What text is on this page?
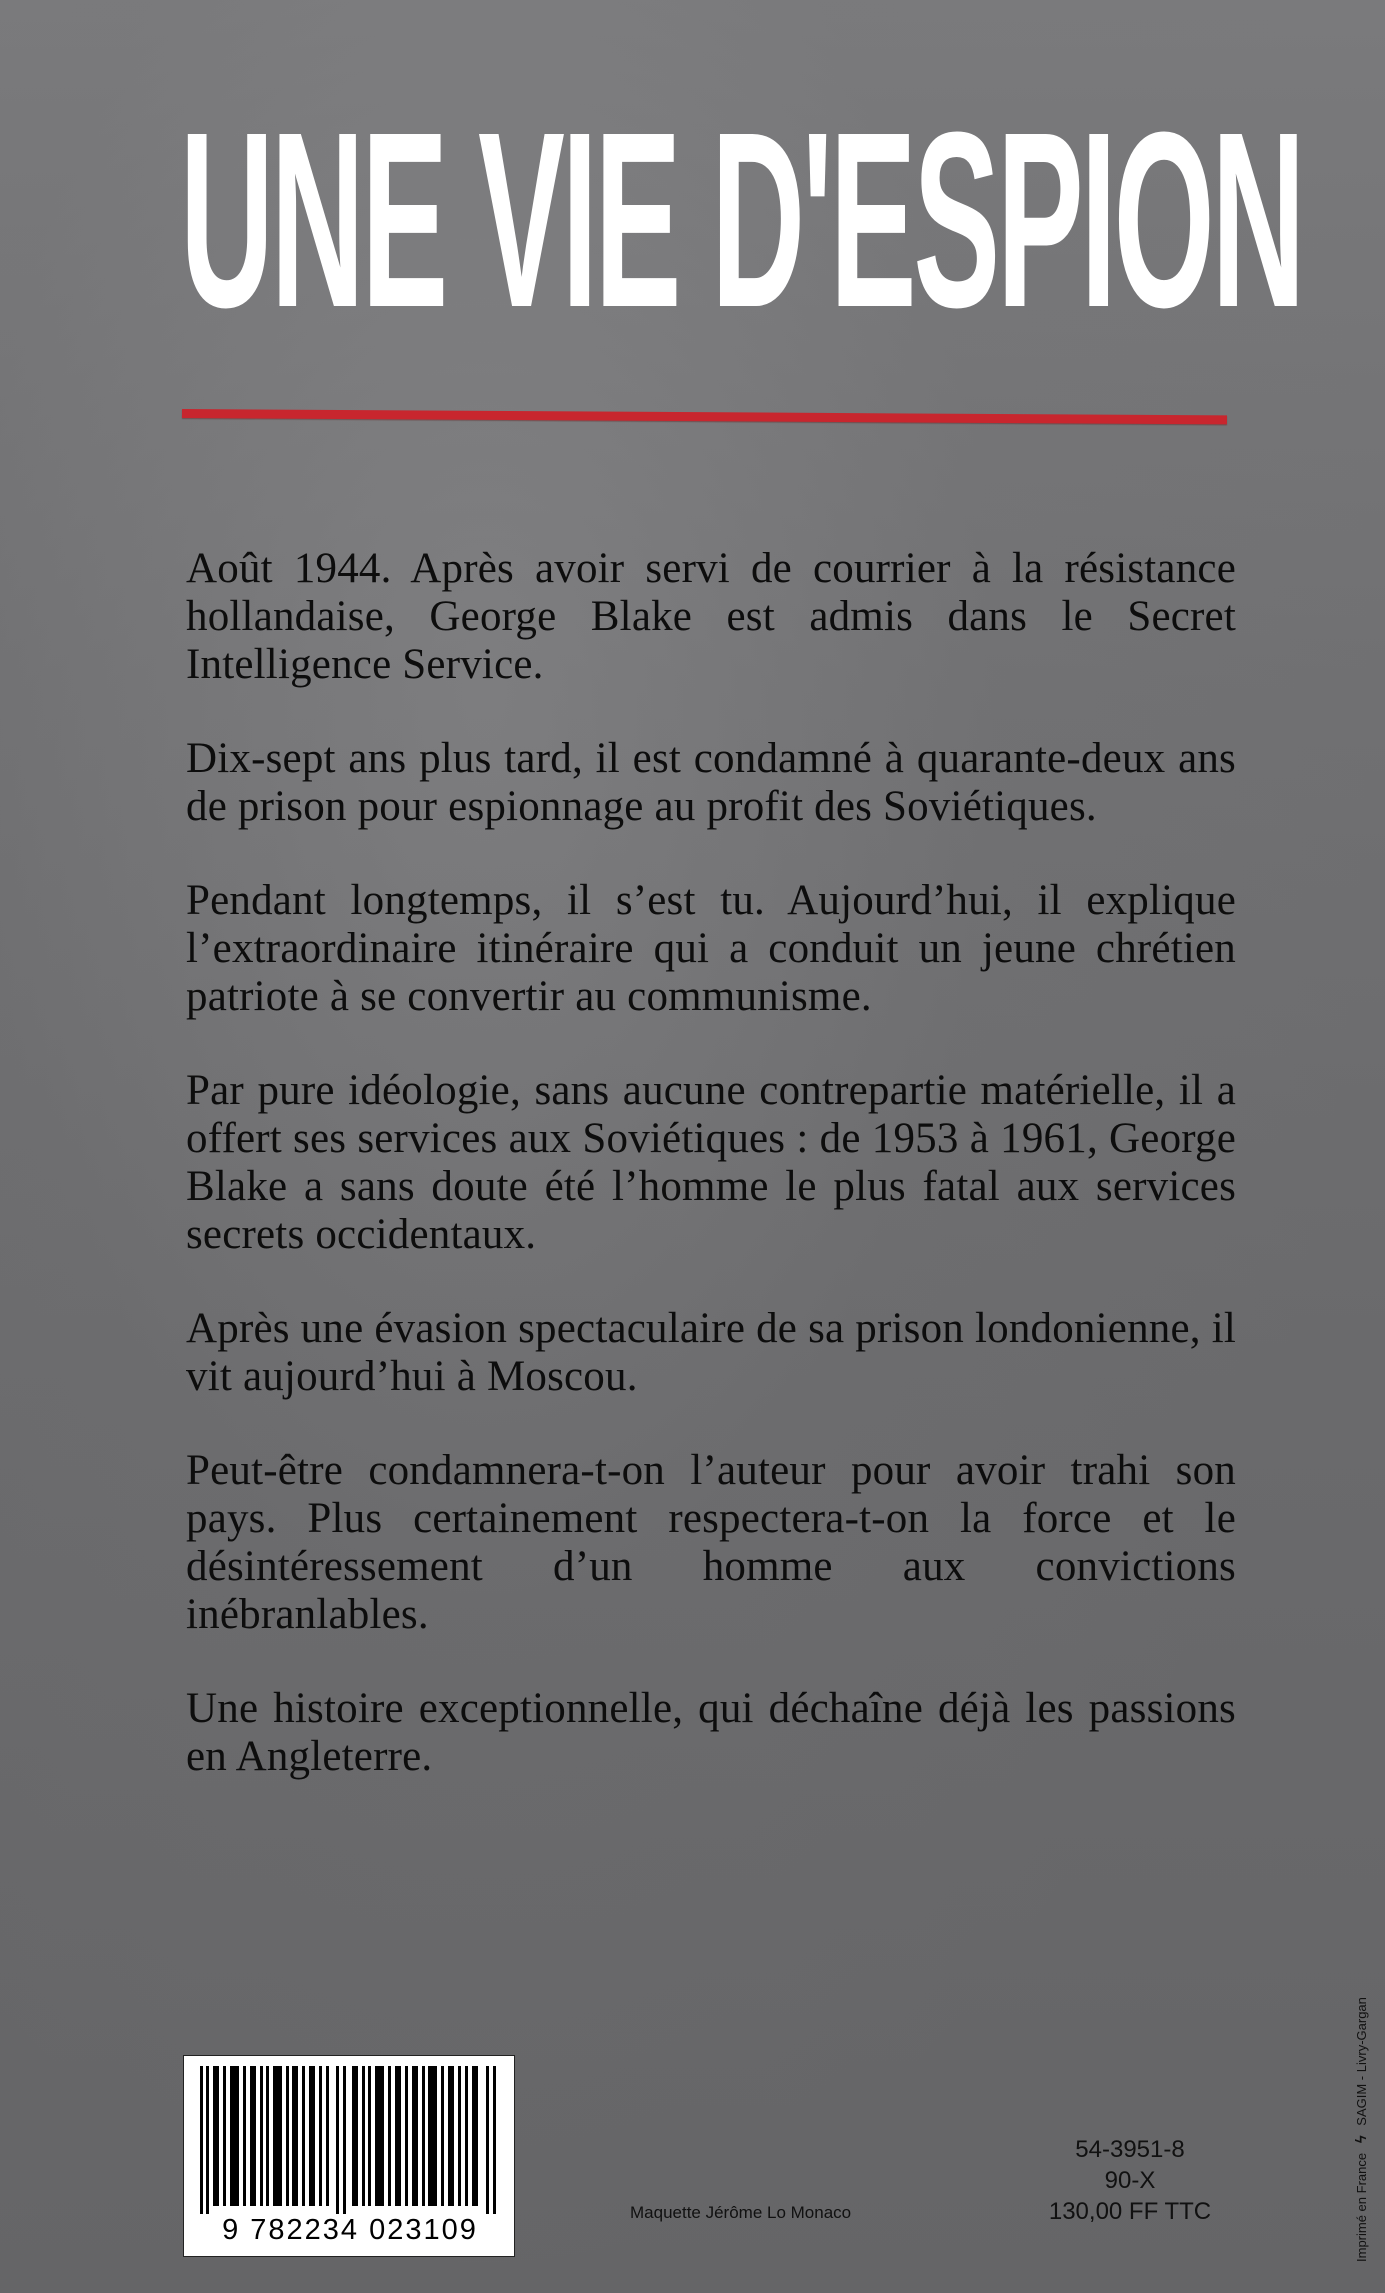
UNE VIE D'ESPION

Août 1944. Après avoir servi de courrier à la résistance hollandaise, George Blake est admis dans le Secret Intelligence Service.

Dix-sept ans plus tard, il est condamné à quarante-deux ans de prison pour espionnage au profit des Soviétiques.

Pendant longtemps, il s’est tu. Aujourd’hui, il explique l’extraordinaire itinéraire qui a conduit un jeune chrétien patriote à se convertir au communisme.

Par pure idéologie, sans aucune contrepartie matérielle, il a offert ses services aux Soviétiques : de 1953 à 1961, George Blake a sans doute été l’homme le plus fatal aux services secrets occidentaux.

Après une évasion spectaculaire de sa prison londonienne, il vit aujourd’hui à Moscou.

Peut-être condamnera-t-on l’auteur pour avoir trahi son pays. Plus certainement respectera-t-on la force et le désintéressement d’un homme aux convictions inébranlables.

Une histoire exceptionnelle, qui déchaîne déjà les passions en Angleterre.

9 782234 023109
Maquette Jérôme Lo Monaco
54-3951-8
90-X
130,00 FF TTC	Imprimé en France ϟ SAGIM - Livry-Gargan
